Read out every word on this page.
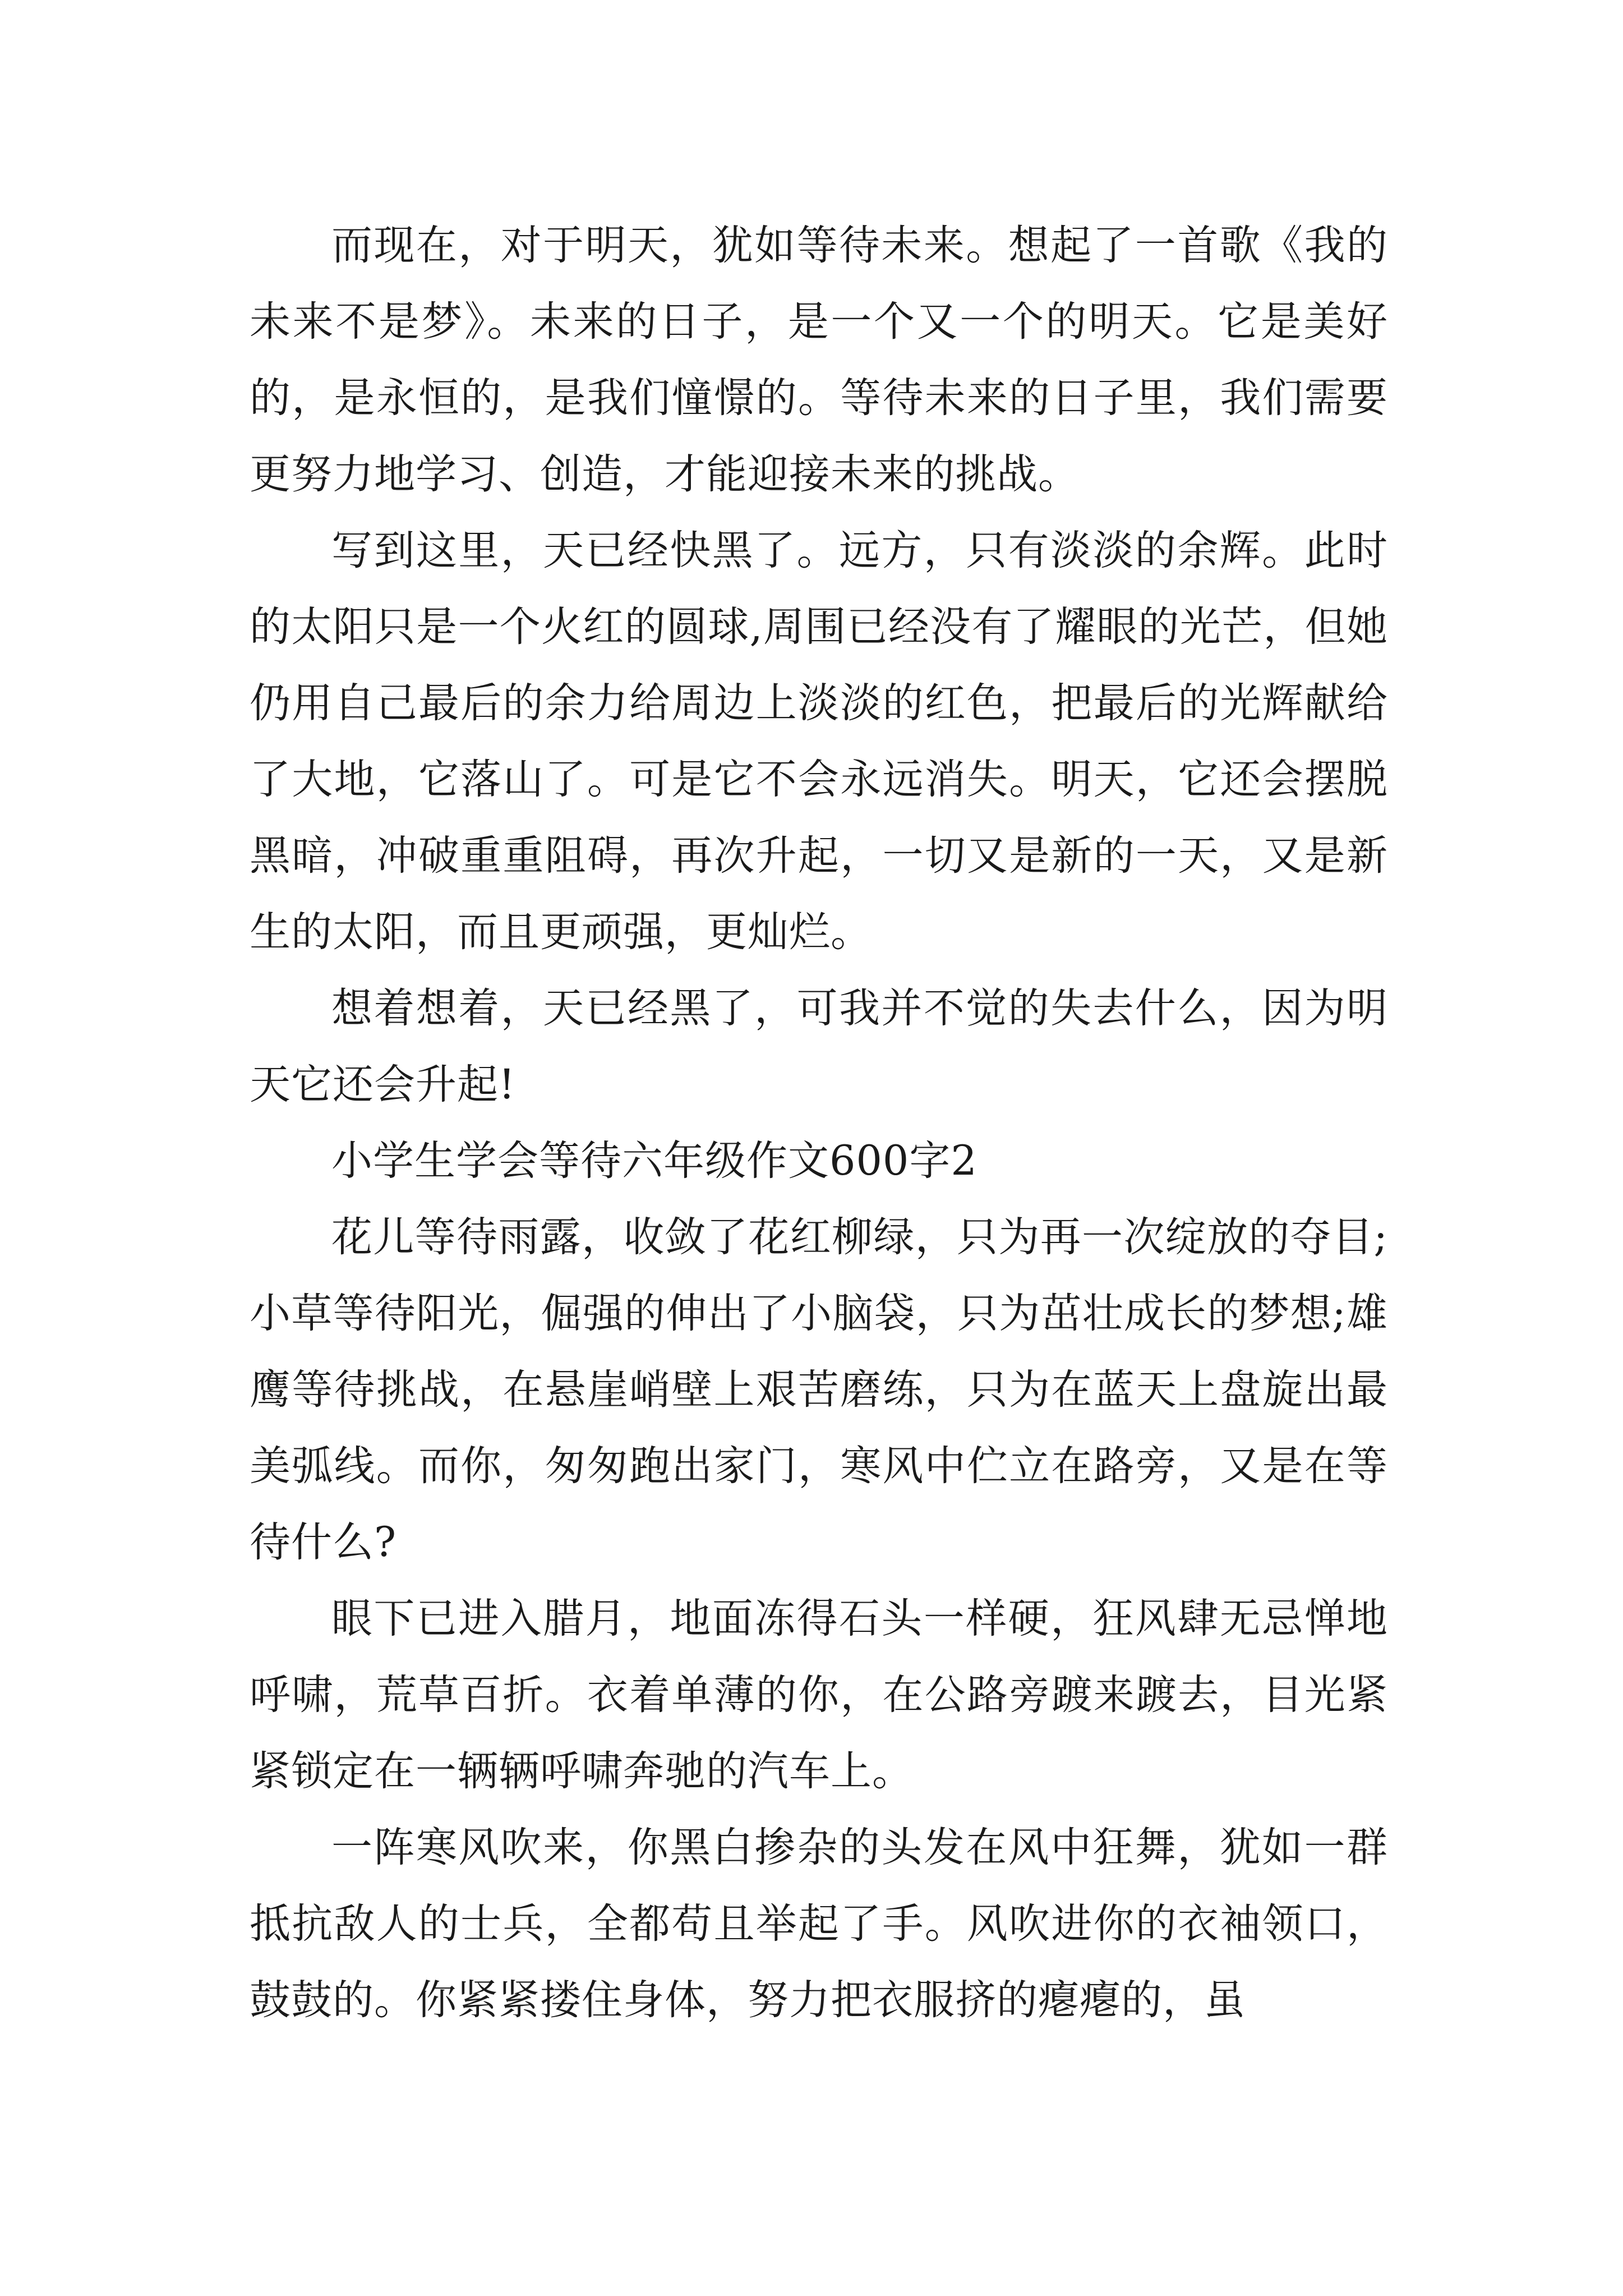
而现在，对于明天，犹如等待未来。想起了一首歌《我的未来不是梦》。未来的日子，是一个又一个的明天。它是美好的，是永恒的，是我们憧憬的。等待未来的日子里，我们需要更努力地学习、创造，才能迎接未来的挑战。

写到这里，天已经快黑了。远方，只有淡淡的余辉。此时的太阳只是一个火红的圆球,周围已经没有了耀眼的光芒，但她仍用自己最后的余力给周边上淡淡的红色，把最后的光辉献给了大地，它落山了。可是它不会永远消失。明天，它还会摆脱黑暗，冲破重重阻碍，再次升起，一切又是新的一天，又是新生的太阳，而且更顽强，更灿烂。

想着想着，天已经黑了，可我并不觉的失去什么，因为明天它还会升起!

小学生学会等待六年级作文600字2

花儿等待雨露，收敛了花红柳绿，只为再一次绽放的夺目;小草等待阳光，倔强的伸出了小脑袋，只为茁壮成长的梦想;雄鹰等待挑战，在悬崖峭壁上艰苦磨练，只为在蓝天上盘旋出最美弧线。而你，匆匆跑出家门，寒风中伫立在路旁，又是在等待什么?

眼下已进入腊月，地面冻得石头一样硬，狂风肆无忌惮地呼啸，荒草百折。衣着单薄的你，在公路旁踱来踱去，目光紧紧锁定在一辆辆呼啸奔驰的汽车上。

一阵寒风吹来，你黑白掺杂的头发在风中狂舞，犹如一群抵抗敌人的士兵，全都苟且举起了手。风吹进你的衣袖领口，鼓鼓的。你紧紧搂住身体，努力把衣服挤的瘪瘪的，虽
